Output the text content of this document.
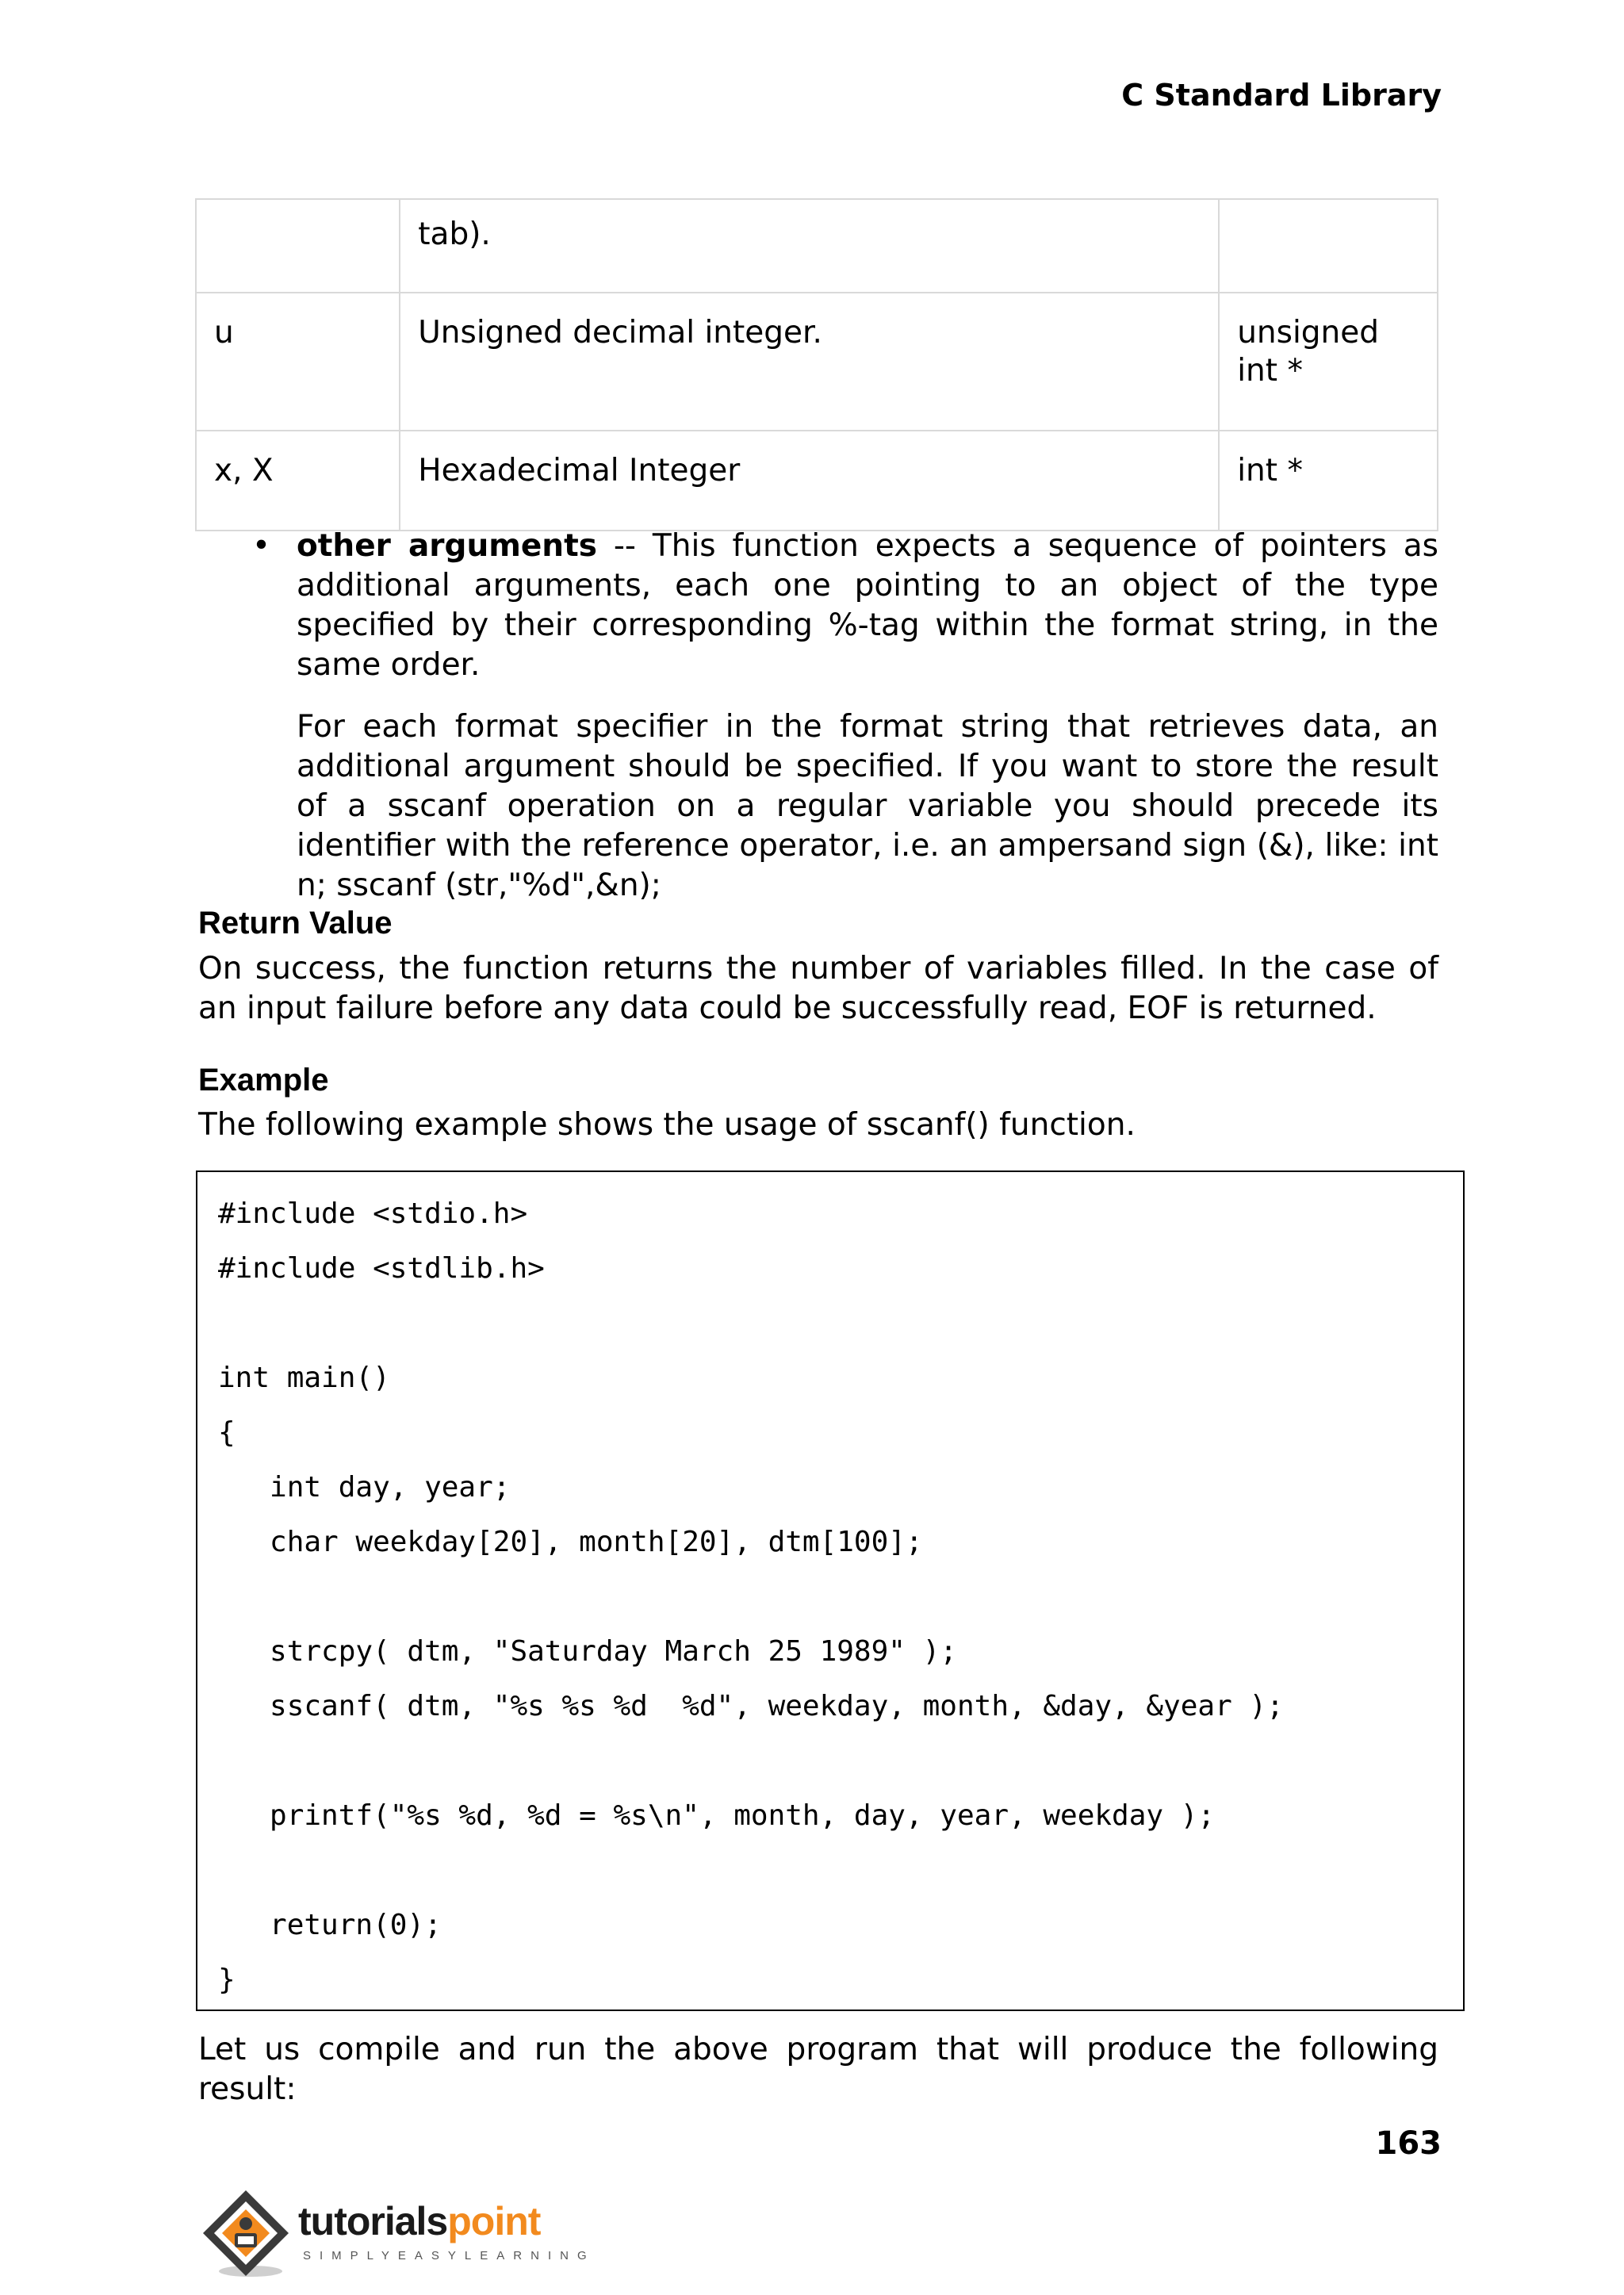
C Standard Library
	tab).	
u	Unsigned decimal integer.	unsigned int *
x, X	Hexadecimal Integer	int *
• other arguments -- This function expects a sequence of pointers as additional arguments, each one pointing to an object of the type specified by their corresponding %-tag within the format string, in the same order.

For each format specifier in the format string that retrieves data, an additional argument should be specified. If you want to store the result of a sscanf operation on a regular variable you should precede its identifier with the reference operator, i.e. an ampersand sign (&), like: int n; sscanf (str,"%d",&n);

Return Value
On success, the function returns the number of variables filled. In the case of an input failure before any data could be successfully read, EOF is returned.
Example
The following example shows the usage of sscanf() function.
#include <stdio.h>
#include <stdlib.h>
int main()
{
int day, year;
char weekday[20], month[20], dtm[100];
strcpy( dtm, "Saturday March 25 1989" );
sscanf( dtm, "%s %s %d  %d", weekday, month, &day, &year );
printf("%s %d, %d = %s\n", month, day, year, weekday );
return(0);
}
Let us compile and run the above program that will produce the following result:
163
tutorialspoint
SIMPLYEASYLEARNING
